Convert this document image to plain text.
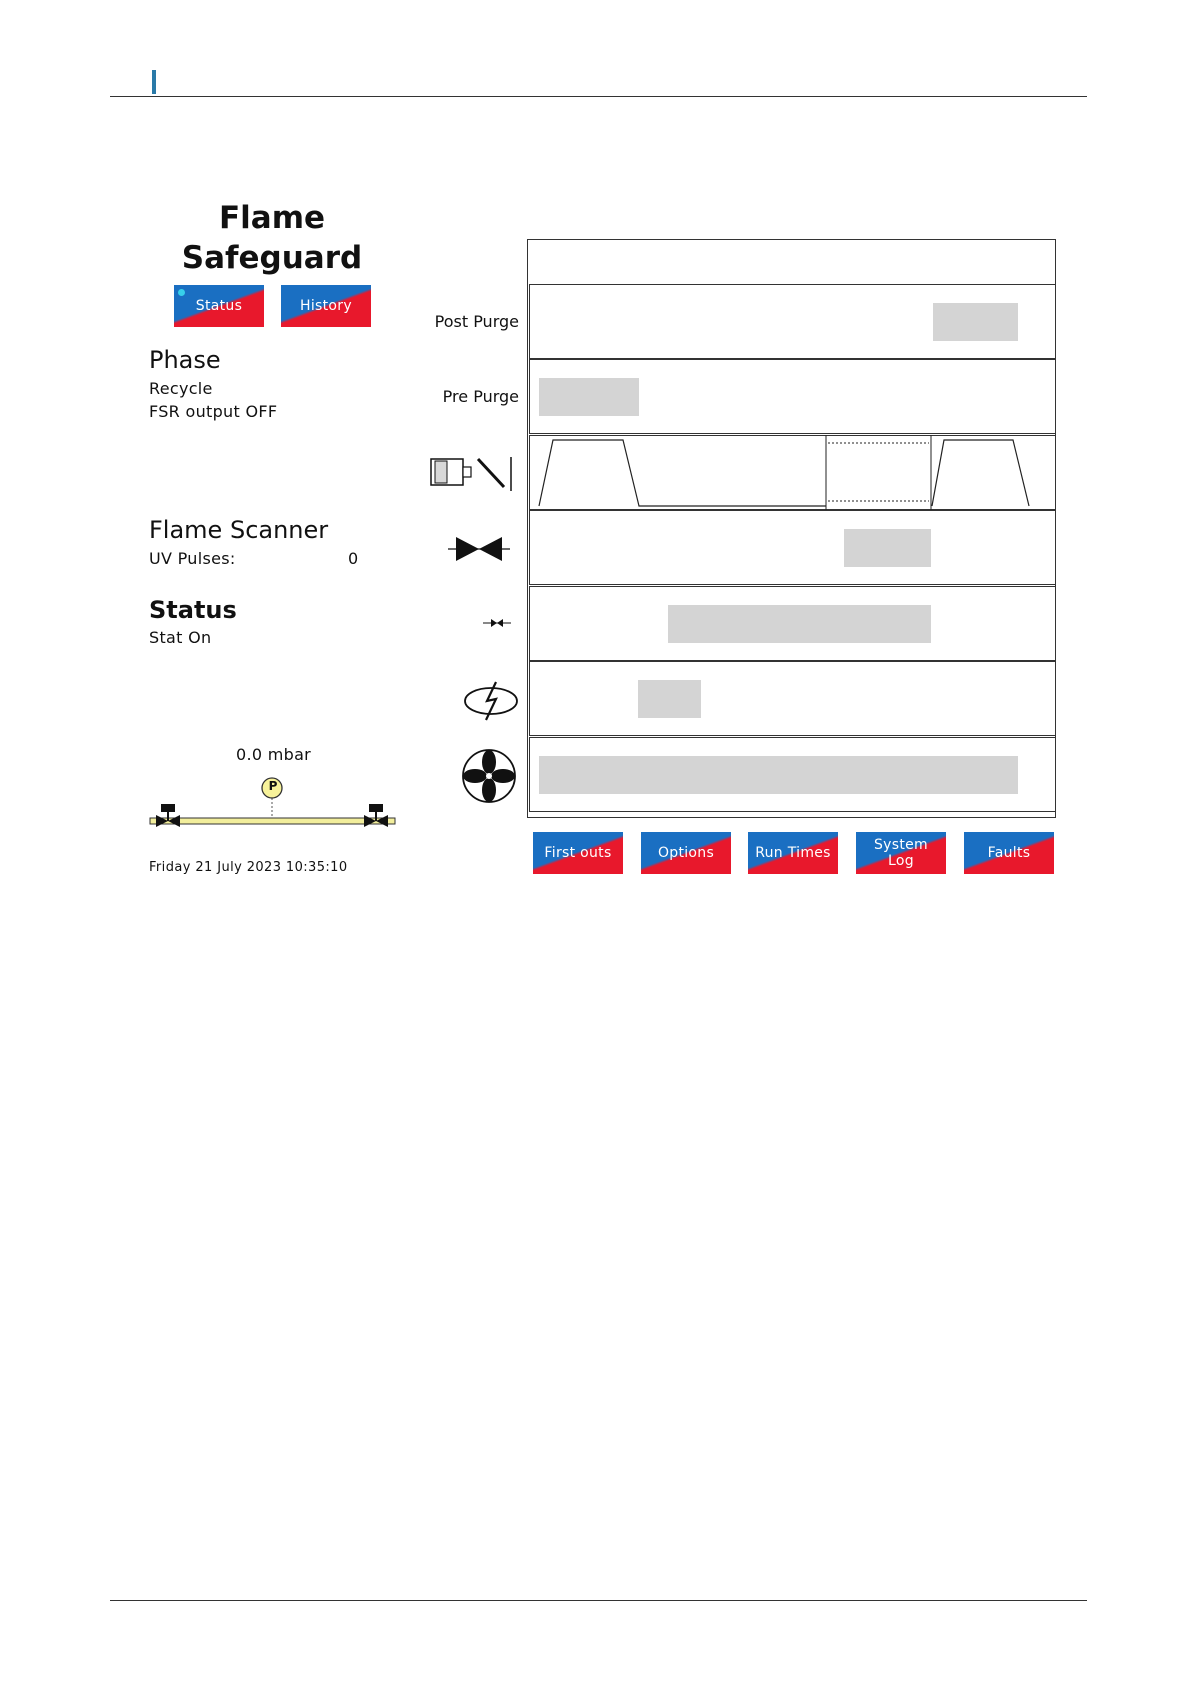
Flame
Safeguard
Status	History
Phase
Recycle
FSR output OFF
Flame Scanner
UV Pulses:	0
Status
Stat On
0.0 mbar
P
Friday 21 July 2023 10:35:10
Post Purge
Pre Purge
First outs	Options	Run Times	System
Log	Faults
